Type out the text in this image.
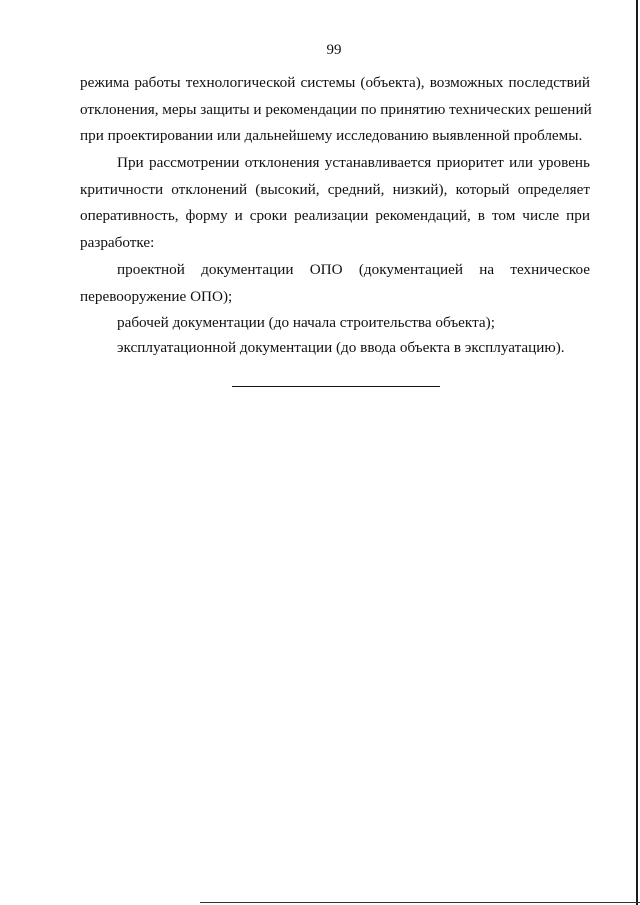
99
режима работы технологической системы (объекта), возможных последствий
отклонения, меры защиты и рекомендации по принятию технических решений
при проектировании или дальнейшему исследованию выявленной проблемы.
При рассмотрении отклонения устанавливается приоритет или уровень
критичности отклонений (высокий, средний, низкий), который определяет
оперативность, форму и сроки реализации рекомендаций, в том числе при
разработке:
проектной документации ОПО (документацией на техническое
перевооружение ОПО);
рабочей документации (до начала строительства объекта);
эксплуатационной документации (до ввода объекта в эксплуатацию).
